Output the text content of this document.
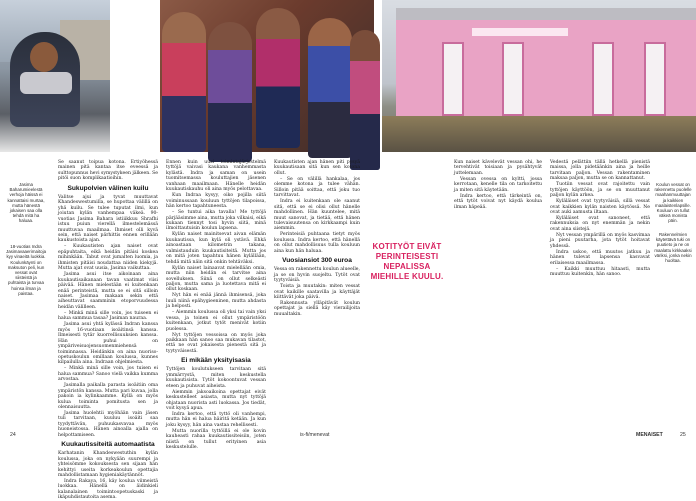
Jasima Baharumieelestä verhoja häissä ei kannattaisi murtaa, mutta hänestä jokaisen saa olla tehdä mitä ha haluaa.
18-vuotias Indra Jasimavaaerimaitoja kyy vinaeitä luokkia. Koulunkäynti on maksuton peli, kun vessat ovat siisteistä ja puhtaista ja turvaa hoinsa ilman ja paistaa.

Se saanut toipua kotona. Ertiyöhessä mainen pitä kantaa itse eveessä ja sulttopunnus hevi symystykeen jälkeen. Se pitöi suon komplikaatioihin.

Sukupolvien välinen kuilu

Valitse ajui ja tyvat muuttavat Khandeswestumilla, se hupottaa välillä on yhä kuilu. Se tulee tuputat ilmi, kun joiutan kylän vanhempaa väkeä. 90-vuotias Jasima Bahara istiiikkuu Shrafhi istuu puiun vierellä ilmestelemässä muuttuvaa maailmaa. Ihmiset olli kyvä sein, että naiset pärhittis ennen erillään kaukustoista ajan.

– Kuukautisten ajan naiset ovat epäpuhtaita, eikä heidän pitäisi koskea mihinkään. Tabut ovat jumalten luomia, ja ihmisten pitäisi noudattaa niiden kiekyjä. Mutta ajat ovat uusia, Jasima vaikuttaa.

Jasima asui itse aikoinaan aina kuukautisaikanaan tavan vaatimat viisi päivää. Hänen mielestään ei kuitenkaan enää perinteistä, mutta se ei sitä silloin naiset. Jasimaa makaan sekin että aiheuttavat saamminin etoporvuudessa heidän välilleen.

– Minkä minä sille voin, jos tuiseen ei halua sammua tasaa? Jasiman nauraa.

Jasima asui yhtä kylässä Indran kanssa myös 16-vuotiaan isoäitinsä kanssa. Ilmeisesti tytär kuorrellisuuksien kanssa. Hän puhui on ympäriveisuojensuomenmiehensä toiminnassa. Heidänkin on aina nuoriso-opetuskoulun omillaan koulussa, kunnes kilpailulla aina. Indraan ohjelmiesta.

– Minkä minä sille voin, jos tuisen ei halua sammua? Sanoo vielä vaikka kumma arvostaa.

Jasimalla paikalla parasta isoäitiin oma ympäristön kanssa. Mutta pari kuvaa, jolla pakoin ia kylinkaamme. Kyllä on myös kulua toiminta pomitusta sen ja olennaisuutta.

Jasima huolehtii myöhään vain jäsen tuli tarvitaan, kuuluu isoäiti saa tyydyttävän, puhuukasvavaa myös huoneistossa. Hänen ainoalla ajalla on helpottamiseen.

Kuukautissiteitä automaatista

Karhatanin Khandeswestuthin kylän koulussa, joka on nykyään suurempi ja yhteisömme kokouksesta sen sijaan hän kehittyi useita korkeakoulun opettajia mahdollistamaan hygieniakäytännöt.

Indra Rakaya, 16, käy koulua viimeistä luokkaa. Hänellä on äidinkieli kalanalainen toimintoopetuskaski ja ikäpuhdistautoita asema.

Ennen kuin uusi toimintajärjestelmä tyttöjä vaivasi kaukana vanhemmasta kylästä. Indra ja saman on usein tuomitsemassa kouluttajien jäsenen vanhaan maailmaan. Hänelle heidän kuukautiskauhu oli aina myös pelottavaa.

Kun Indraa kysyy, oiko pojilla siitä voiminussaan kouluun tyttöjen tilapoissa, hän kertoo tapahtuneesta.

– Se tuntui aika tavalla! Me tyttöjä pärjääsimme aina, mutta joka vilkaisi, eikä kukaan tiennyt tosi hyvin siitä, minä ilmoittautuisin koulun lapsena.

Kylän naiset mainitsevat aivan elämän kuukautissa, kun kylä oli ystävä. Ehkä ainoastaan kilometrin takana, valmistauduin kuukautisiteitä. Mutta jos on mitä joten tapahtuu hänen kylällään, tehdä mitä näin sitä onkin tehtäväksi.

Kylän naiset lainaavat mielellään omia, mutta niin heidän ei tarvitse aina sovelluksen. Siinä on ollut selkeästi paljon, mutta sama ja luotettava mitä ei ollut koskaan.

Nyt hän ei enää jännä ihmisensä, joka luuli niinä epähygieeninen, mutta ahdasta ja helposti.

– Aiemmin koulussa oli yksi tai vain yksi vessa, ja toinen ei ollut ympäristöön kuitenkaan, jotkut tytöt menivät kotiin puolessa.

Nyt tyttöjen vessoissa on myös joka paikkaan hän sanoo saa mukavan tilastot, että ne ovat jokaisesta pienestä sitä ja tyytyväisestä.

Ei mikään yksityisasia

Tyttöjen koulutukseen tarvitaan sitä ymmärrystä, miten keskustella kuukautisista. Tytöt kokoontuvat vessan eteen ja puhuvat aiheista.

Aiemmin jaksoaikoina opettajat eivät keskustelleet asiasta, mutta nyt tyttöjä ohjataan nuorista asti luokassa. Jos tiedät, voit kysyä apua.

Indra kertoo, että tyttö oli vanhempi, mutta hän ei halua häiritä ketään. Ja kun joku kysyy, hän aina vastaa rehellisesti.

Mutta nuorilla tyttöillä ei ole kovin kauheasti rahaa kuukautissiteisiin, joten niistä on tullut erityinen asia keskustelulle.

Kuukautisten ajan hänen piti pysyä kuukautisaan sitä kun sen kotona ollut.

– Se on välillä hankalaa, jos olemme kotona ja tulee vähän. Silloin pitää soittaa, että joku tuo tarvittavat.

Indra ei kuitenkaan ole saanut sitä, että se ei olisi ollut hänelle mahdollinen. Hän kuuntelee, mitä muut sanovat, ja tietää, että hänen tulevaisuutensa on kirkkaampi kuin aiemmin.

Perinteisiä puhtaana tietyt myös koulussa. Indra kertoo, että hänellä on ollut mahdollisuus tulla kouluun aina kun hän haluaa.

Vuosiansiot 300 euroa

Vessa on rakennettu koulun alueelle, ja se on hyvin suojeltu. Tytöt ovat tyytyväisiä.

Toista ja muutakin: miten vessat ovat kaikille saatavilla ja käyttäjät kiittävät joka päivä.

Rakennusta ylläpitävät koulun opettajat ja siellä käy vierailijoita muualtakin.

KOTITYÖT EIVÄT PERINTEISESTI NEPALISSA MIEHILLE KUULU.

Kun naiset kävelevät vessan ohi, he tervehtivät toisiaan ja pysähtyvät juttelemaan.

Vessan ovessa on kyltti, jossa kerrotaan, kenelle tila on tarkoitettu ja miten sitä käytetään.

Indra kertoo, että tärkeintä on, että tytöt voivat nyt käydä koulua ilman häpeää.

Vedestä pelättiin tällä hetkellä pienistä maissa, jolla pidetäänkin aina ja heille tarvitaan paljon. Vessan rakentaminen maksaa paljon, mutta se on kannattanut.

Tuotiin vessat ovat rajoitettu vain tyttöjen käyttöön, ja se on muuttanut paljon kylän arkea.

Kyläläiset ovat tyytyväisiä, sillä vessat ovat kaikkien kylän naisten käytössä. Ne ovat auki aamusta iltaan.

Kyläläiset ovat sanoneet, että rakennuksia on nyt enemmän ja nekin ovat aina siistejä.

Nyt vessan ympärillä on myös kasvimaa ja pieni puutarha, jota tytöt hoitavat yhdessä.

Indra uskoo, että muutos jatkuu ja hänen tulevat lapsensa kasvavat erilaisessa maailmassa.

– Kaikki muuttuu hitaasti, mutta muuttuu kuitenkin, hän sanoo.

Koulun vessat on rakennettu puolelle maahanmuuttajan ja kaikkien maalaistenlapsille. Kouluun on tullut väkeä monista päin.
Rakennelmien käytettävä tuki on puutieto ja ne on maalattu kirkkaaksi väriksi, jonka nekin huoltaa.
24	is-fi/menevat	MENAISET	25
